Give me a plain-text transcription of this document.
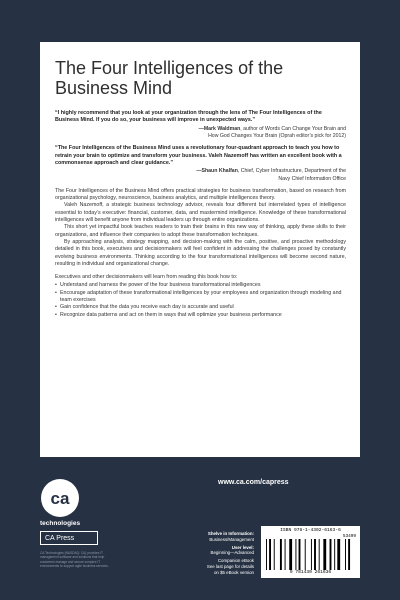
The Four Intelligences of the Business Mind

“I highly recommend that you look at your organization through the lens of The Four Intelligences of the Business Mind. If you do so, your business will improve in unexpected ways.”

—Mark Waldman, author of Words Can Change Your Brain and
How God Changes Your Brain (Oprah editor’s pick for 2012)

“The Four Intelligences of the Business Mind uses a revolutionary four-quadrant approach to teach you how to retrain your brain to optimize and transform your business. Valeh Nazemoff has written an excellent book with a commonsense approach and clear guidance.”

—Shaun Khalfan, Chief, Cyber Infrastructure, Department of the
Navy Chief Information Office

The Four Intelligences of the Business Mind offers practical strategies for business transformation, based on research from organizational psychology, neuroscience, business analytics, and multiple intelligences theory.

Valeh Nazemoff, a strategic business technology advisor, reveals four different but interrelated types of intelligence essential to today’s executive: financial, customer, data, and mastermind intelligence. Knowledge of these transformational intelligences will benefit anyone from individual leaders up through entire organizations.

This short yet impactful book teaches readers to train their brains in this new way of thinking, apply these skills to their organizations, and influence their companies to adopt these transformation techniques.

By approaching analysis, strategy mapping, and decision-making with the calm, positive, and proactive methodology detailed in this book, executives and decisionmakers will feel confident in addressing the challenges posed by constantly evolving business environments. Thinking according to the four transformational intelligences will become second nature, resulting in individual and organizational change.

Executives and other decisionmakers will learn from reading this book how to:

• Understand and harness the power of the four business transformational intelligences
• Encourage adaptation of these transformational intelligences by your employees and organization through modeling and team exercises
• Gain confidence that the data you receive each day is accurate and useful
• Recognize data patterns and act on them in ways that will optimize your business performance
www.ca.com/capress
ca
technologies
CA Press
CA Technologies (NASDAQ: CA) provides IT management software and solutions that help customers manage and secure complex IT environments to support agile business services.
Shelve in Information:
Business/Management
User level:
Beginning—Advanced
Companion eBook
See last page for details
on $5 eBook version
ISBN 978-1-4302-6163-6
53499
9 781430 261636
